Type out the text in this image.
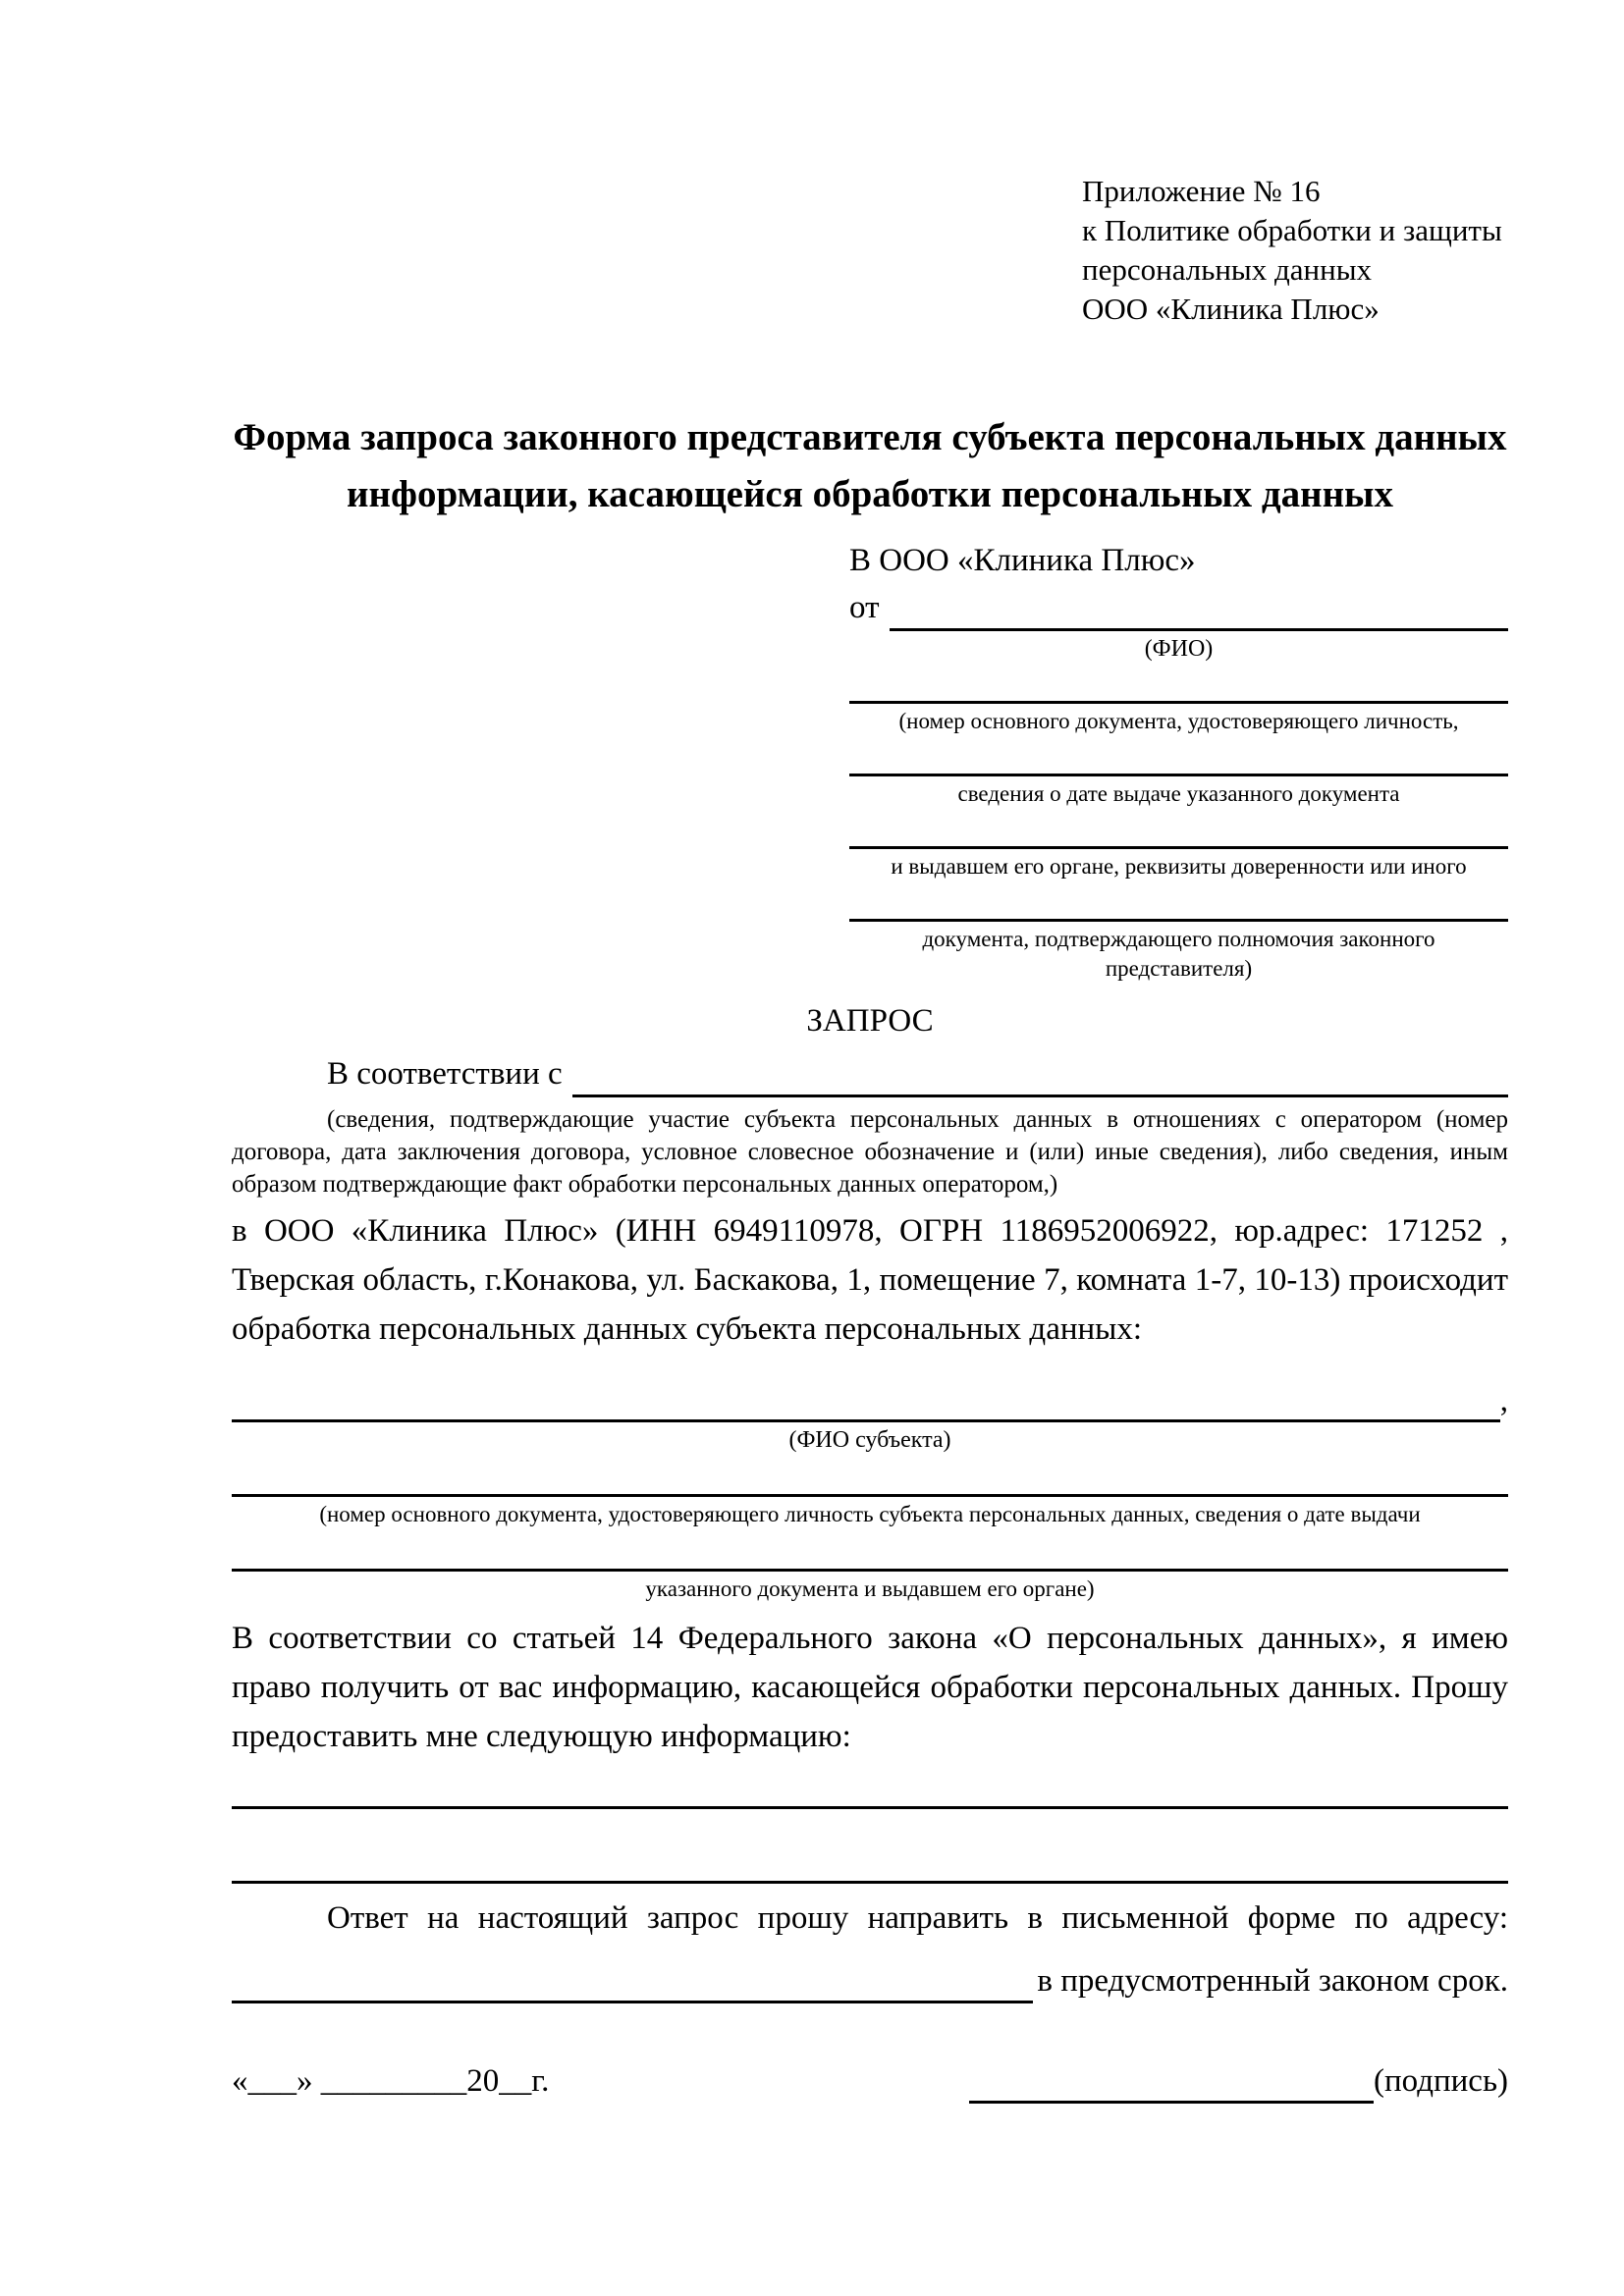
Приложение № 16
к Политике обработки и защиты
персональных данных
ООО «Клиника Плюс»
Форма запроса законного представителя субъекта персональных данных информации, касающейся обработки персональных данных
В ООО «Клиника Плюс»
от
(ФИО)
(номер основного документа, удостоверяющего личность,
сведения о дате выдаче указанного документа
и выдавшем его органе, реквизиты доверенности или иного
документа, подтверждающего полномочия законного представителя)
ЗАПРОС
В соответствии с
(сведения, подтверждающие участие субъекта персональных данных в отношениях с оператором (номер договора, дата заключения договора, условное словесное обозначение и (или) иные сведения), либо сведения, иным образом подтверждающие факт обработки персональных данных оператором,)

в ООО «Клиника Плюс» (ИНН 6949110978, ОГРН 1186952006922, юр.адрес: 171252 , Тверская область, г.Конакова, ул. Баскакова, 1, помещение 7, комната 1-7, 10-13) происходит обработка персональных данных субъекта персональных данных:

,
(ФИО субъекта)
(номер основного документа, удостоверяющего личность субъекта персональных данных, сведения о дате выдачи
указанного документа и выдавшем его органе)

В соответствии со статьей 14 Федерального закона «О персональных данных», я имею право получить от вас информацию, касающейся обработки персональных данных. Прошу предоставить мне следующую информацию:

Ответ на настоящий запрос прошу направить в письменной форме по адресу:
в предусмотренный законом срок.
«___» _________20__г.	(подпись)
